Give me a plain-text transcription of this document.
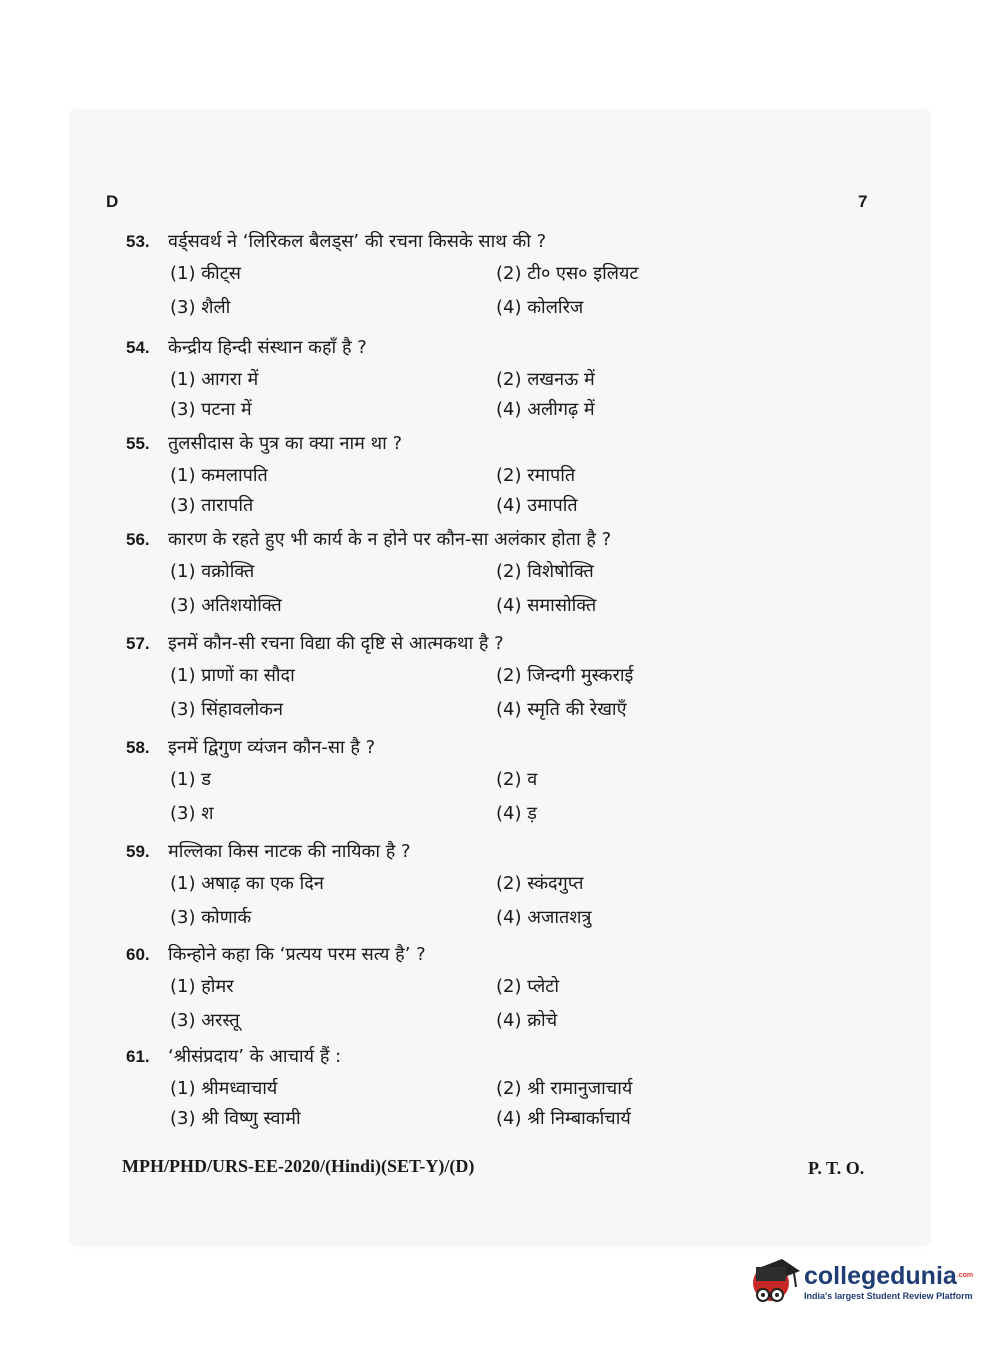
D	7
53.	वर्ड्सवर्थ ने ‘लिरिकल बैलड्स’ की रचना किसके साथ की ?
(1) कीट्स	(2) टी० एस० इलियट
(3) शैली	(4) कोलरिज
54.	केन्द्रीय हिन्दी संस्थान कहाँ है ?
(1) आगरा में	(2) लखनऊ में
(3) पटना में	(4) अलीगढ़ में
55.	तुलसीदास के पुत्र का क्या नाम था ?
(1) कमलापति	(2) रमापति
(3) तारापति	(4) उमापति
56.	कारण के रहते हुए भी कार्य के न होने पर कौन-सा अलंकार होता है ?
(1) वक्रोक्ति	(2) विशेषोक्ति
(3) अतिशयोक्ति	(4) समासोक्ति
57.	इनमें कौन-सी रचना विद्या की दृष्टि से आत्मकथा है ?
(1) प्राणों का सौदा	(2) जिन्दगी मुस्कराई
(3) सिंहावलोकन	(4) स्मृति की रेखाएँ
58.	इनमें द्विगुण व्यंजन कौन-सा है ?
(1) ड	(2) व
(3) श	(4) ड़
59.	मल्लिका किस नाटक की नायिका है ?
(1) अषाढ़ का एक दिन	(2) स्कंदगुप्त
(3) कोणार्क	(4) अजातशत्रु
60.	किन्होने कहा कि ‘प्रत्यय परम सत्य है’ ?
(1) होमर	(2) प्लेटो
(3) अरस्तू	(4) क्रोचे
61.	‘श्रीसंप्रदाय’ के आचार्य हैं :
(1) श्रीमध्वाचार्य	(2) श्री रामानुजाचार्य
(3) श्री विष्णु स्वामी	(4) श्री निम्बार्काचार्य
MPH/PHD/URS-EE-2020/(Hindi)(SET-Y)/(D)	P. T. O.
collegedunia$^{.com}$
India's largest Student Review Platform
